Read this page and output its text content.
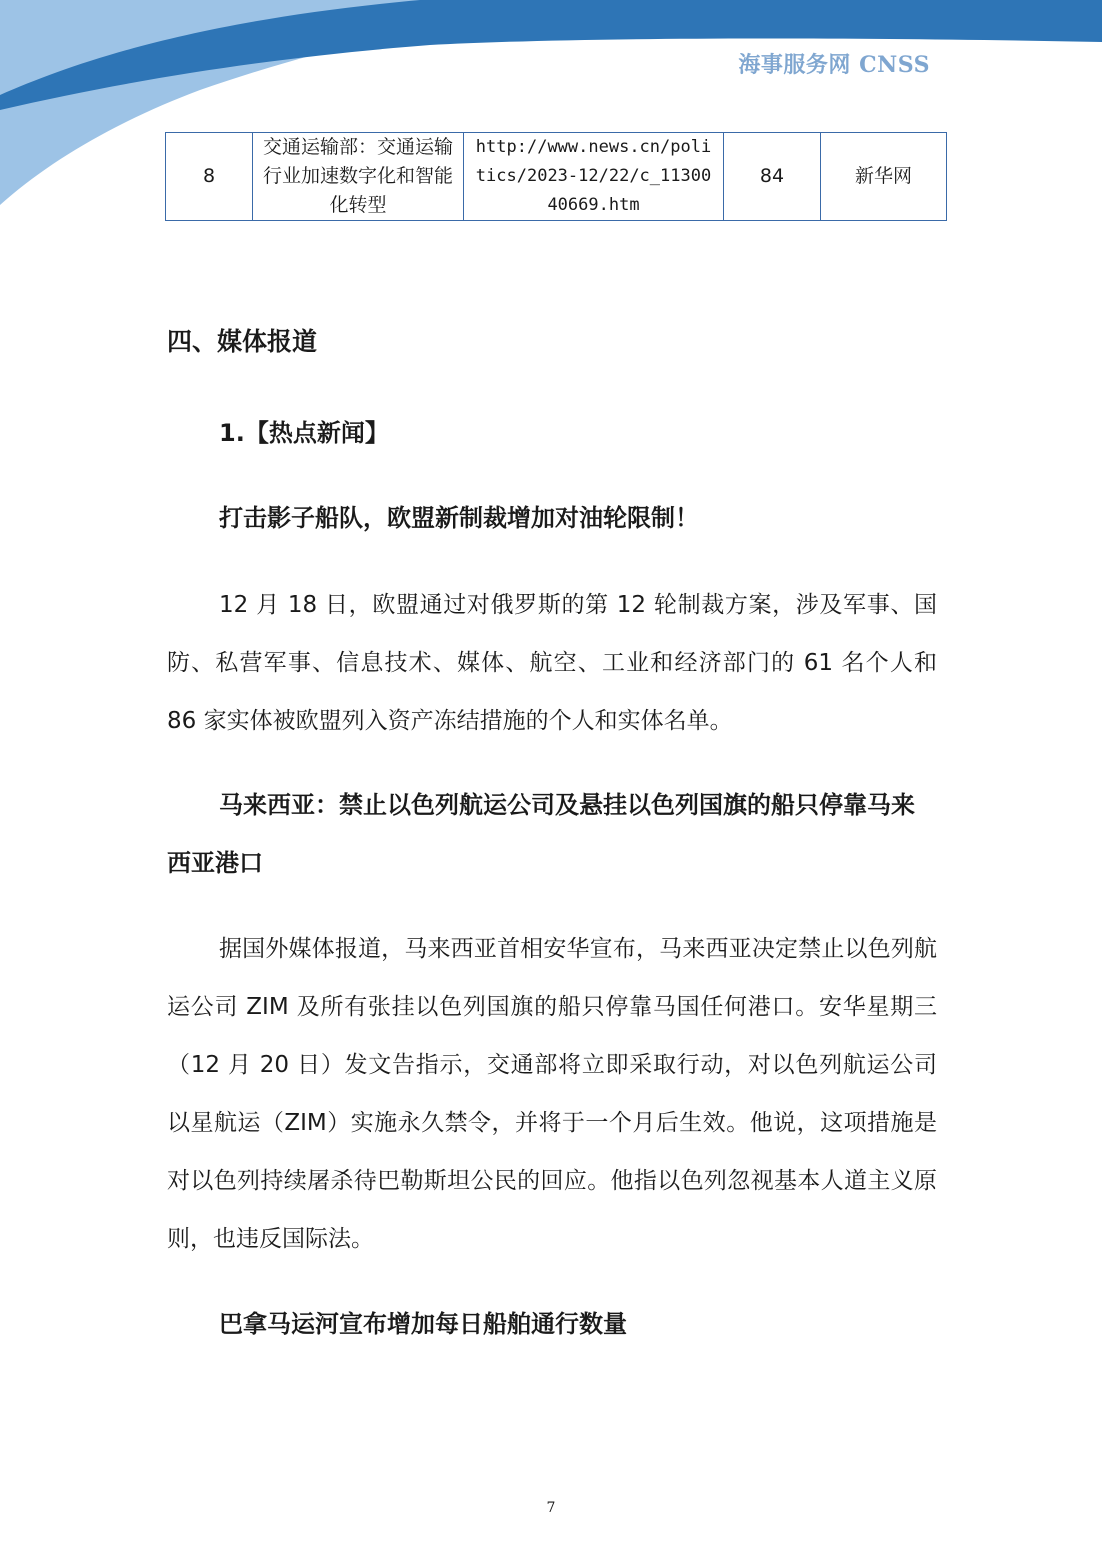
海事服务网 CNSS
8	交通运输部：交通运输行业加速数字化和智能化转型	http://www.news.cn/politics/2023-12/22/c_1130040669.htm	84	新华网
四、媒体报道
1.【热点新闻】

打击影子船队，欧盟新制裁增加对油轮限制！

12 月 18 日，欧盟通过对俄罗斯的第 12 轮制裁方案，涉及军事、国防、私营军事、信息技术、媒体、航空、工业和经济部门的 61 名个人和 86 家实体被欧盟列入资产冻结措施的个人和实体名单。

马来西亚：禁止以色列航运公司及悬挂以色列国旗的船只停靠马来西亚港口

据国外媒体报道，马来西亚首相安华宣布，马来西亚决定禁止以色列航运公司 ZIM 及所有张挂以色列国旗的船只停靠马国任何港口。安华星期三（12 月 20 日）发文告指示，交通部将立即采取行动，对以色列航运公司以星航运（ZIM）实施永久禁令，并将于一个月后生效。他说，这项措施是对以色列持续屠杀待巴勒斯坦公民的回应。他指以色列忽视基本人道主义原则，也违反国际法。

巴拿马运河宣布增加每日船舶通行数量

7
